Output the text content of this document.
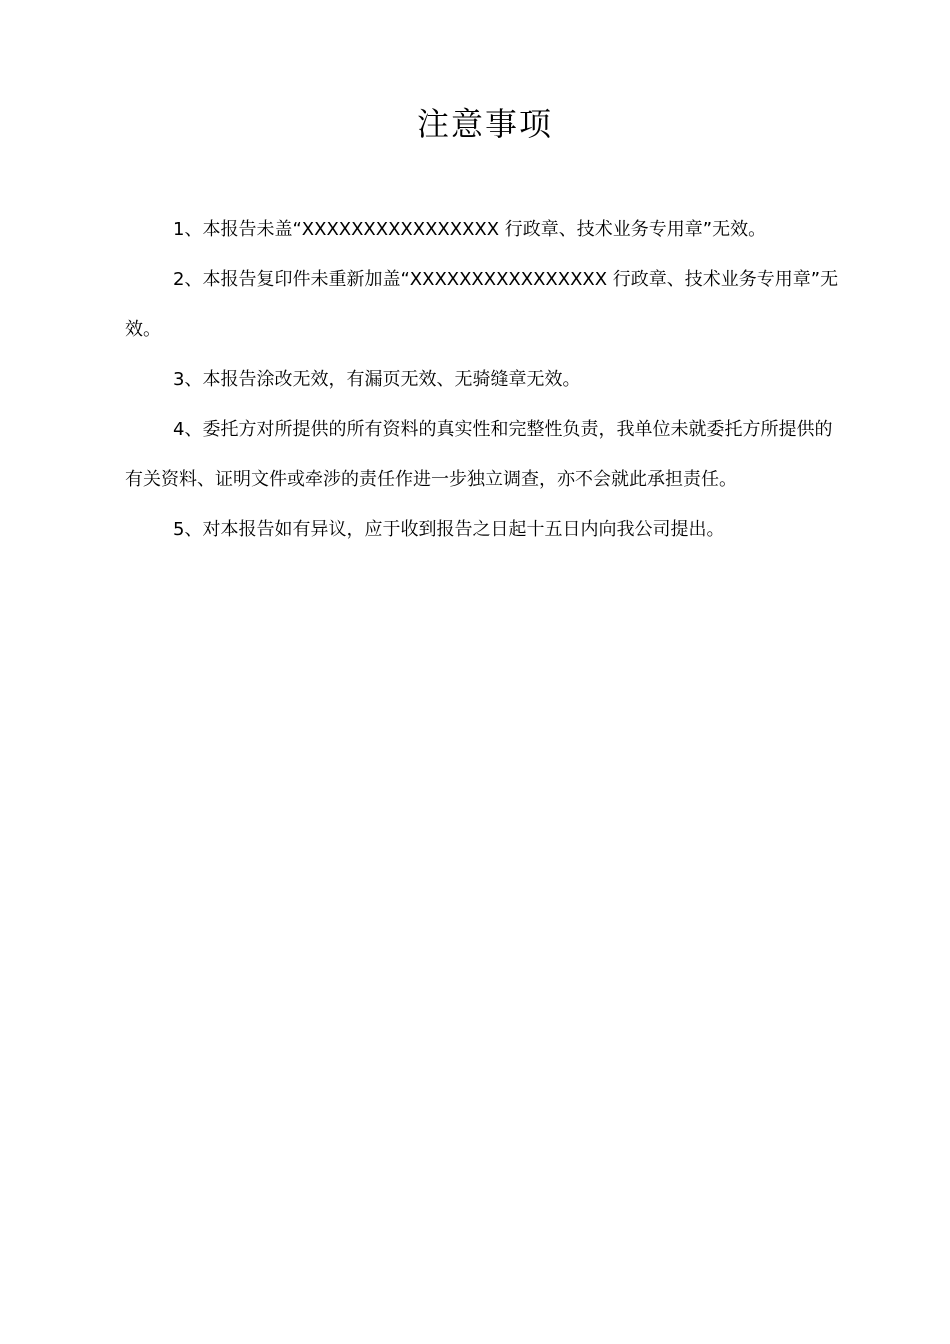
注意事项

1、本报告未盖“XXXXXXXXXXXXXXXX 行政章、技术业务专用章”无效。

2、本报告复印件未重新加盖“XXXXXXXXXXXXXXXX 行政章、技术业务专用章”无效。

3、本报告涂改无效，有漏页无效、无骑缝章无效。

4、委托方对所提供的所有资料的真实性和完整性负责，我单位未就委托方所提供的有关资料、证明文件或牵涉的责任作进一步独立调查，亦不会就此承担责任。

5、对本报告如有异议，应于收到报告之日起十五日内向我公司提出。
